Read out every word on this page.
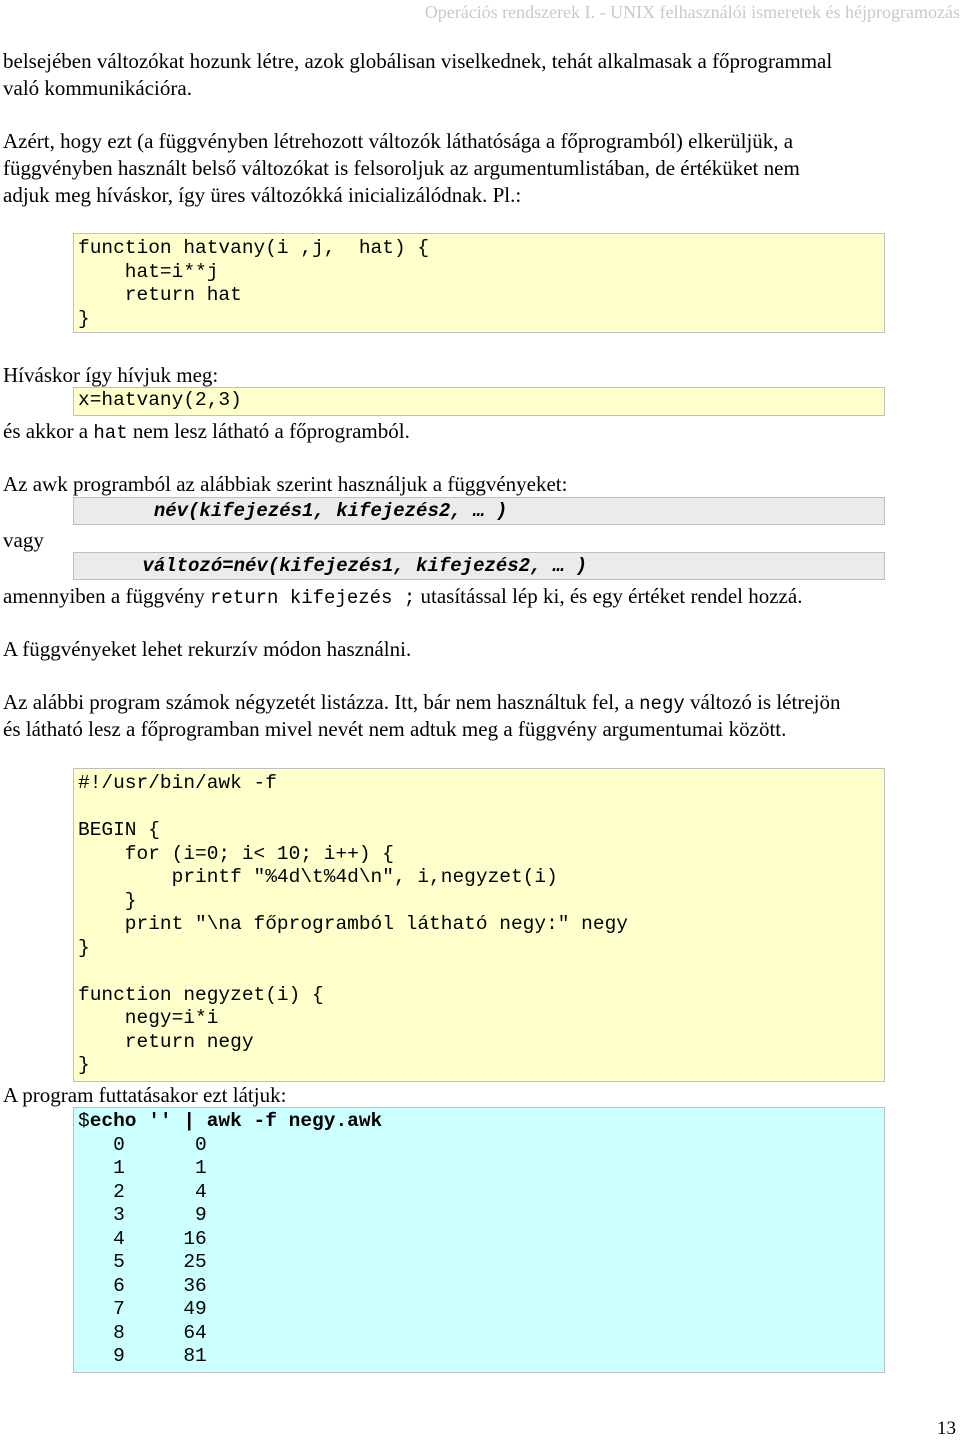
Operációs rendszerek I. - UNIX felhasználói ismeretek és héjprogramozás

belsejében változókat hozunk létre, azok globálisan viselkednek, tehát alkalmasak a főprogrammal

való kommunikációra.

Azért, hogy ezt (a függvényben létrehozott változók láthatósága a főprogramból) elkerüljük, a

függvényben használt belső változókat is felsoroljuk az argumentumlistában, de értéküket nem

adjuk meg híváskor, így üres változókká inicializálódnak. Pl.:

function hatvany(i ,j,  hat) {
hat=i**j
return hat
}

Híváskor így hívjuk meg:

x=hatvany(2,3)

és akkor a hat nem lesz látható a főprogramból.

Az awk programból az alábbiak szerint használjuk a függvényeket:

név(kifejezés1, kifejezés2, … )

vagy

változó=név(kifejezés1, kifejezés2, … )

amennyiben a függvény return kifejezés ; utasítással lép ki, és egy értéket rendel hozzá.

A függvényeket lehet rekurzív módon használni.

Az alábbi program számok négyzetét listázza. Itt, bár nem használtuk fel, a negy változó is létrejön

és látható lesz a főprogramban mivel nevét nem adtuk meg a függvény argumentumai között.

#!/usr/bin/awk -f

BEGIN {
for (i=0; i< 10; i++) {
printf "%4d\t%4d\n", i,negyzet(i)
}
print "\na főprogramból látható negy:" negy
}

function negyzet(i) {
negy=i*i
return negy
}

A program futtatásakor ezt látjuk:

$echo '' | awk -f negy.awk
0      0
1      1
2      4
3      9
4     16
5     25
6     36
7     49
8     64
9     81
13
